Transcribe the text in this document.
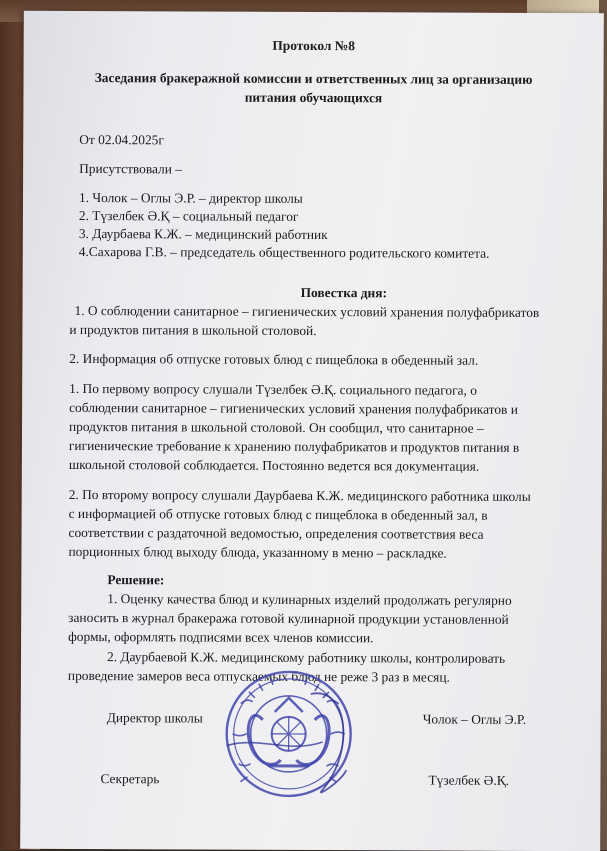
Протокол №8
Заседания бракеражной комиссии и ответственных лиц за организацию
питания обучающихся
От 02.04.2025г
Присутствовали –
1. Чолок – Оглы Э.Р. – директор школы
2. Түзелбек Ә.Қ – социальный педагог
3. Даурбаева К.Ж. – медицинский работник
4.Сахарова Г.В. – председатель общественного родительского комитета.
Повестка дня:
1. О соблюдении санитарное – гигиенических условий хранения полуфабрикатов
и продуктов питания в школьной столовой.
2. Информация об отпуске готовых блюд с пищеблока в обеденный зал.
1. По первому вопросу слушали Түзелбек Ә.Қ. социального педагога, о
соблюдении санитарное – гигиенических условий хранения полуфабрикатов и
продуктов питания в школьной столовой. Он сообщил, что санитарное –
гигиенические требование к хранению полуфабрикатов и продуктов питания в
школьной столовой соблюдается. Постоянно ведется вся документация.
2. По второму вопросу слушали Даурбаева К.Ж. медицинского работника школы
с информацией об отпуске готовых блюд с пищеблока в обеденный зал, в
соответствии с раздаточной ведомостью, определения соответствия веса
порционных блюд выходу блюда, указанному в меню – раскладке.
Решение:
1. Оценку качества блюд и кулинарных изделий продолжать регулярно
заносить в журнал бракеража готовой кулинарной продукции установленной
формы, оформлять подписями всех членов комиссии.
2. Даурбаевой К.Ж. медицинскому работнику школы, контролировать
проведение замеров веса отпускаемых блюд не реже 3 раз в месяц.
Директор школы	Чолок – Оглы Э.Р.
Секретарь	Түзелбек Ә.Қ.
